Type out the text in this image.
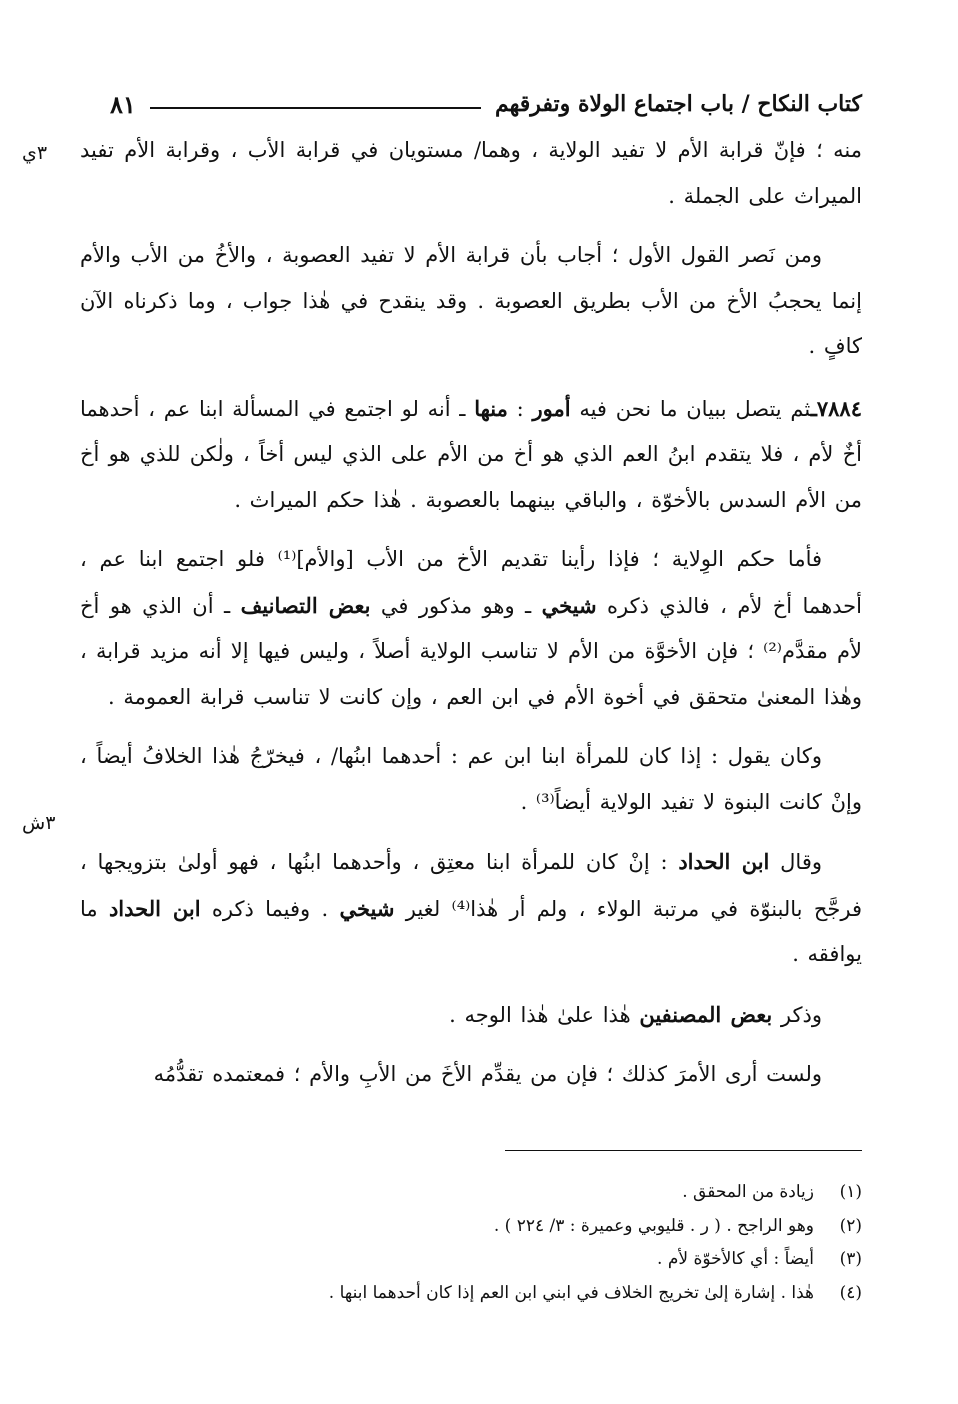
كتاب النكاح / باب اجتماع الولاة وتفرقهم
٨١
٣ي
٣ش

منه ؛ فإنّ قرابة الأم لا تفيد الولاية ، وهما/ مستويان في قرابة الأب ، وقرابة الأم تفيد الميراث على الجملة .

ومن نَصر القول الأول ؛ أجاب بأن قرابة الأم لا تفيد العصوبة ، والأخُ من الأب والأم إنما يحجبُ الأخ من الأب بطريق العصوبة . وقد ينقدح في هٰذا جواب ، وما ذكرناه الآن كافٍ .

٧٨٨٤ـثم يتصل ببيان ما نحن فيه أمور : منها ـ أنه لو اجتمع في المسألة ابنا عم ، أحدهما أخٌ لأم ، فلا يتقدم ابنُ العم الذي هو أخ من الأم على الذي ليس أخاً ، ولٰكن للذي هو أخ من الأم السدس بالأخوّة ، والباقي بينهما بالعصوبة . هٰذا حكم الميراث .

فأما حكم الوِلاية ؛ فإذا رأينا تقديم الأخ من الأب [والأم]⁽¹⁾ فلو اجتمع ابنا عم ، أحدهما أخ لأم ، فالذي ذكره شيخي ـ وهو مذكور في بعض التصانيف ـ أن الذي هو أخ لأم مقدَّم⁽²⁾ ؛ فإن الأخوَّة من الأم لا تناسب الولاية أصلاً ، وليس فيها إلا أنه مزيد قرابة ، وهٰذا المعنىٰ متحقق في أخوة الأم في ابن العم ، وإن كانت لا تناسب قرابة العمومة .

وكان يقول : إذا كان للمرأة ابنا ابن عم : أحدهما ابنُها/ ، فيخرّجُ هٰذا الخلافُ أيضاً ، وإنْ كانت البنوة لا تفيد الولاية أيضاً⁽³⁾ .

وقال ابن الحداد : إنْ كان للمرأة ابنا معتِق ، وأحدهما ابنُها ، فهو أولىٰ بتزويجها ، فرجَّح بالبنوّة في مرتبة الولاء ، ولم أر هٰذا⁽⁴⁾ لغير شيخي . وفيما ذكره ابن الحداد ما يوافقه .

وذكر بعض المصنفين هٰذا علىٰ هٰذا الوجه .

ولست أرى الأمرَ كذلك ؛ فإن من يقدِّم الأخَ من الأبِ والأم ؛ فمعتمده تقدُّمُه

(١)
زيادة من المحقق .
(٢)
وهو الراجح . ( ر . قليوبي وعميرة : ٣/ ٢٢٤ ) .
(٣)
أيضاً : أي كالأخوّة لأم .
(٤)
هٰذا . إشارة إلىٰ تخريج الخلاف في ابني ابن العم إذا كان أحدهما ابنها .
